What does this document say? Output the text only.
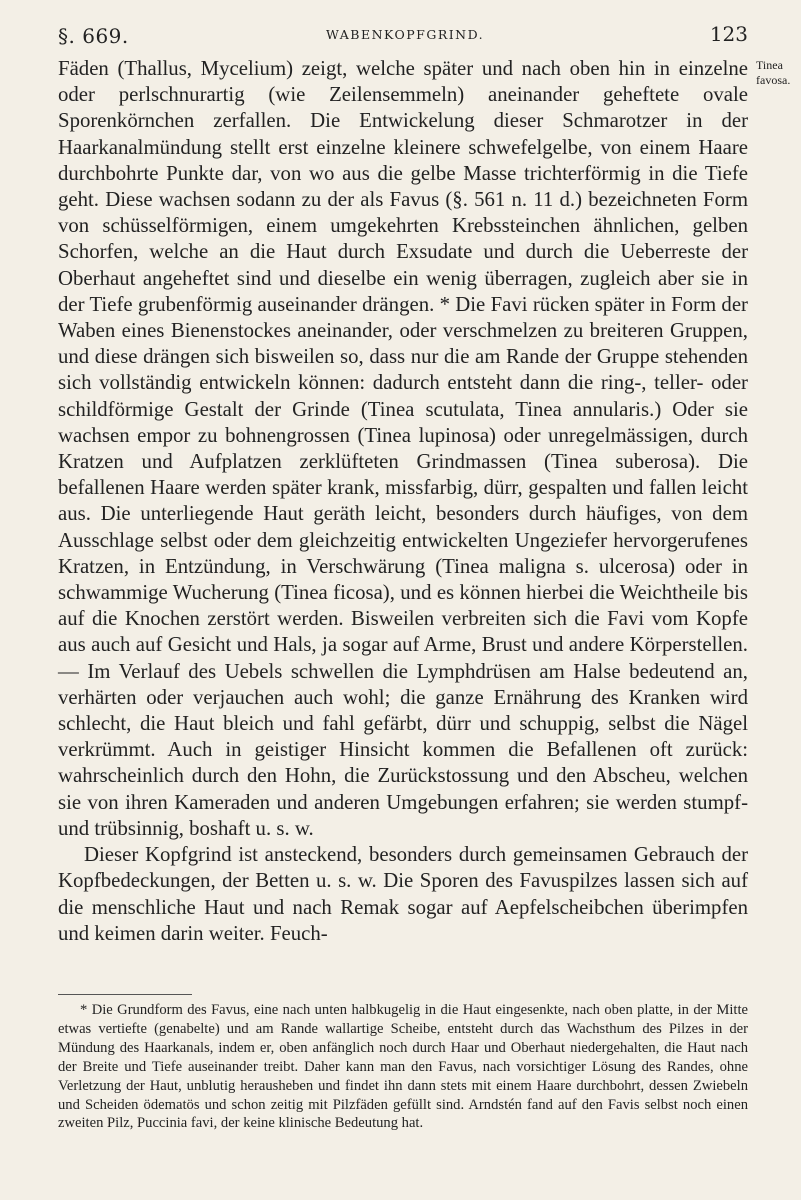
§. 669.	WABENKOPFGRIND.	123
Tinea favosa.

Fäden (Thallus, Mycelium) zeigt, welche später und nach oben hin in einzelne oder perlschnurartig (wie Zeilensemmeln) aneinander geheftete ovale Sporenkörnchen zerfallen. Die Entwickelung dieser Schmarotzer in der Haarkanalmündung stellt erst einzelne kleinere schwefelgelbe, von einem Haare durchbohrte Punkte dar, von wo aus die gelbe Masse trichterförmig in die Tiefe geht. Diese wachsen sodann zu der als Favus (§. 561 n. 11 d.) bezeichneten Form von schüsselförmigen, einem umgekehrten Krebssteinchen ähnlichen, gelben Schorfen, welche an die Haut durch Exsudate und durch die Ueberreste der Oberhaut angeheftet sind und dieselbe ein wenig überragen, zugleich aber sie in der Tiefe grubenförmig auseinander drängen. * Die Favi rücken später in Form der Waben eines Bienenstockes aneinander, oder verschmelzen zu breiteren Gruppen, und diese drängen sich bisweilen so, dass nur die am Rande der Gruppe stehenden sich vollständig entwickeln können: dadurch entsteht dann die ring-, teller- oder schildförmige Gestalt der Grinde (Tinea scutulata, Tinea annularis.) Oder sie wachsen empor zu bohnengrossen (Tinea lupinosa) oder unregelmässigen, durch Kratzen und Aufplatzen zerklüfteten Grindmassen (Tinea suberosa). Die befallenen Haare werden später krank, missfarbig, dürr, gespalten und fallen leicht aus. Die unterliegende Haut geräth leicht, besonders durch häufiges, von dem Ausschlage selbst oder dem gleichzeitig entwickelten Ungeziefer hervorgerufenes Kratzen, in Entzündung, in Verschwärung (Tinea maligna s. ulcerosa) oder in schwammige Wucherung (Tinea ficosa), und es können hierbei die Weichtheile bis auf die Knochen zerstört werden. Bisweilen verbreiten sich die Favi vom Kopfe aus auch auf Gesicht und Hals, ja sogar auf Arme, Brust und andere Körperstellen. — Im Verlauf des Uebels schwellen die Lymphdrüsen am Halse bedeutend an, verhärten oder verjauchen auch wohl; die ganze Ernährung des Kranken wird schlecht, die Haut bleich und fahl gefärbt, dürr und schuppig, selbst die Nägel verkrümmt. Auch in geistiger Hinsicht kommen die Befallenen oft zurück: wahrscheinlich durch den Hohn, die Zurückstossung und den Abscheu, welchen sie von ihren Kameraden und anderen Umgebungen erfahren; sie werden stumpf- und trübsinnig, boshaft u. s. w.

Dieser Kopfgrind ist ansteckend, besonders durch gemeinsamen Gebrauch der Kopfbedeckungen, der Betten u. s. w. Die Sporen des Favuspilzes lassen sich auf die menschliche Haut und nach Remak sogar auf Aepfelscheibchen überimpfen und keimen darin weiter. Feuch-

* Die Grundform des Favus, eine nach unten halbkugelig in die Haut eingesenkte, nach oben platte, in der Mitte etwas vertiefte (genabelte) und am Rande wallartige Scheibe, entsteht durch das Wachsthum des Pilzes in der Mündung des Haarkanals, indem er, oben anfänglich noch durch Haar und Oberhaut niedergehalten, die Haut nach der Breite und Tiefe auseinander treibt. Daher kann man den Favus, nach vorsichtiger Lösung des Randes, ohne Verletzung der Haut, unblutig herausheben und findet ihn dann stets mit einem Haare durchbohrt, dessen Zwiebeln und Scheiden ödematös und schon zeitig mit Pilzfäden gefüllt sind. Arndstén fand auf den Favis selbst noch einen zweiten Pilz, Puccinia favi, der keine klinische Bedeutung hat.
